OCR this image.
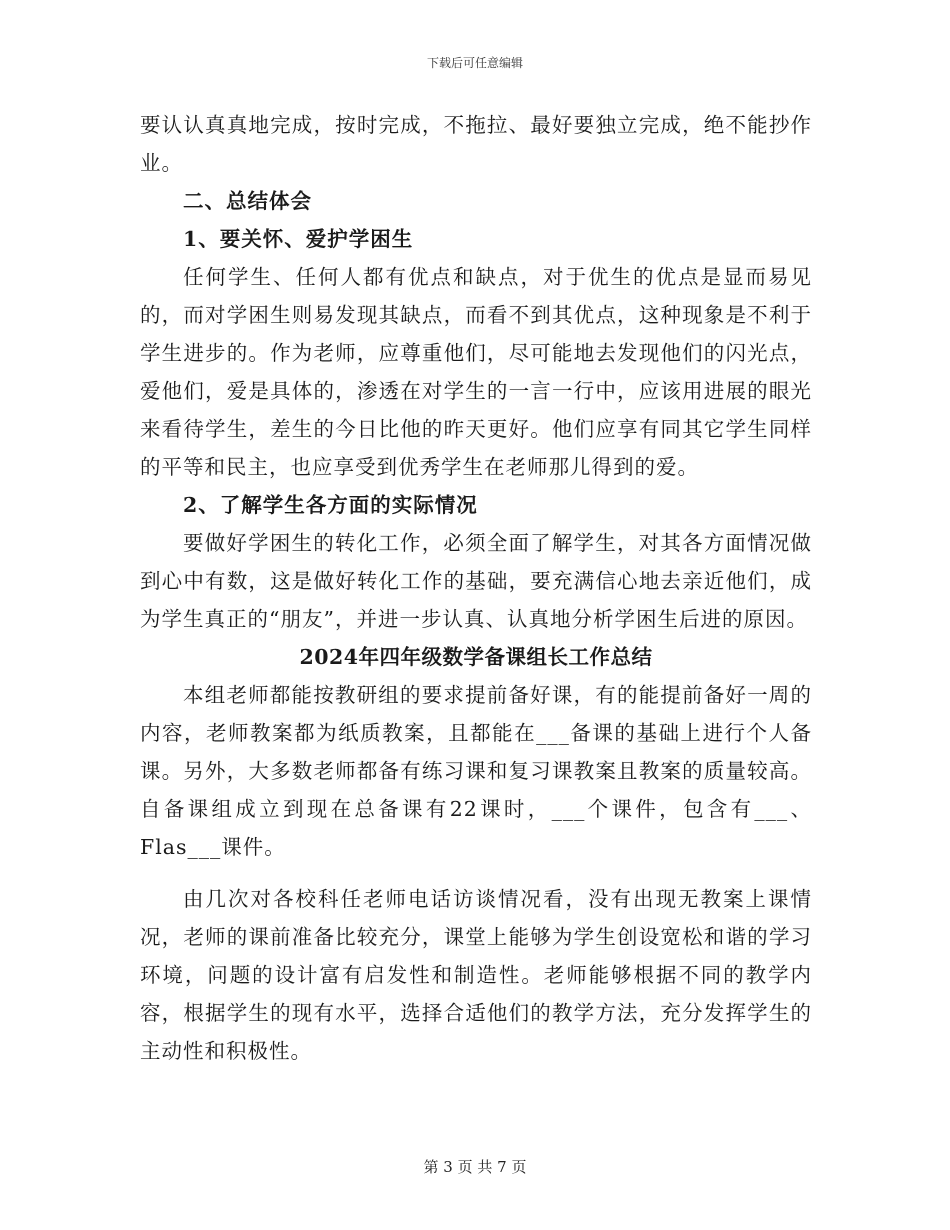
下载后可任意编辑

要认认真真地完成，按时完成，不拖拉、最好要独立完成，绝不能抄作业。

二、总结体会

1、要关怀、爱护学困生

任何学生、任何人都有优点和缺点，对于优生的优点是显而易见的，而对学困生则易发现其缺点，而看不到其优点，这种现象是不利于学生进步的。作为老师，应尊重他们，尽可能地去发现他们的闪光点，爱他们，爱是具体的，渗透在对学生的一言一行中，应该用进展的眼光来看待学生，差生的今日比他的昨天更好。他们应享有同其它学生同样的平等和民主，也应享受到优秀学生在老师那儿得到的爱。

2、了解学生各方面的实际情况

要做好学困生的转化工作，必须全面了解学生，对其各方面情况做到心中有数，这是做好转化工作的基础，要充满信心地去亲近他们，成为学生真正的“朋友”，并进一步认真、认真地分析学困生后进的原因。

2024年四年级数学备课组长工作总结

本组老师都能按教研组的要求提前备好课，有的能提前备好一周的内容，老师教案都为纸质教案，且都能在___备课的基础上进行个人备课。另外，大多数老师都备有练习课和复习课教案且教案的质量较高。自备课组成立到现在总备课有22课时，___个课件，包含有___、Flas___课件。

由几次对各校科任老师电话访谈情况看，没有出现无教案上课情况，老师的课前准备比较充分，课堂上能够为学生创设宽松和谐的学习环境，问题的设计富有启发性和制造性。老师能够根据不同的教学内容，根据学生的现有水平，选择合适他们的教学方法，充分发挥学生的主动性和积极性。

第 3 页 共 7 页
